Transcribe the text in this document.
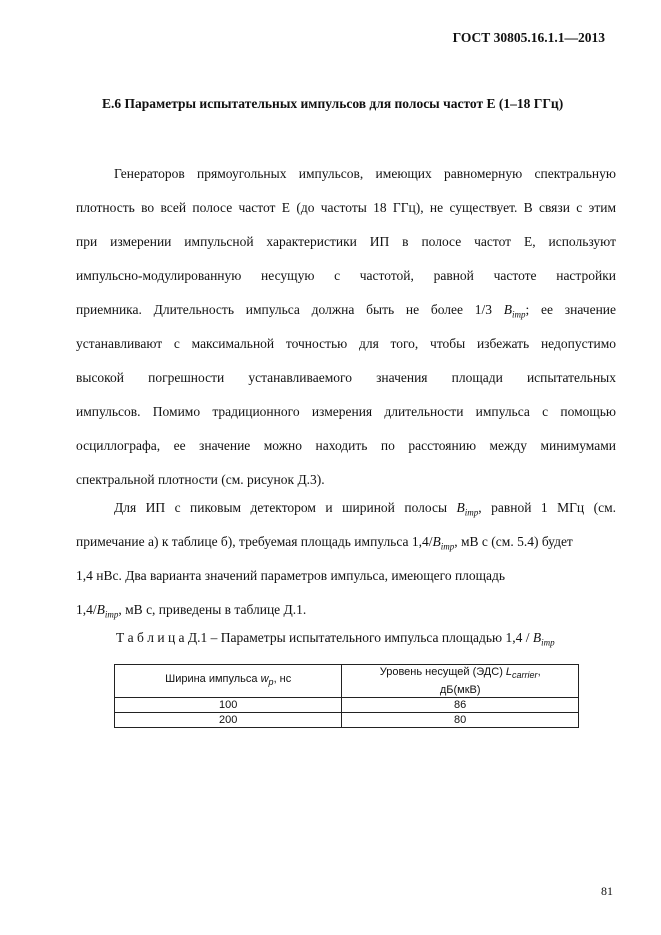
ГОСТ 30805.16.1.1—2013
Е.6 Параметры испытательных импульсов для полосы частот Е (1–18 ГГц)
Генераторов прямоугольных импульсов, имеющих равномерную спектральную
плотность во всей полосе частот Е (до частоты 18 ГГц), не существует. В связи с этим
при измерении импульсной характеристики ИП в полосе частот Е, используют
импульсно-модулированную несущую с частотой, равной частоте настройки
приемника. Длительность импульса должна быть не более 1/3 $B_{imp}$; ее значение
устанавливают с максимальной точностью для того, чтобы избежать недопустимо
высокой погрешности устанавливаемого значения площади испытательных
импульсов. Помимо традиционного измерения длительности импульса с помощью
осциллографа, ее значение можно находить по расстоянию между минимумами
спектральной плотности (см. рисунок Д.3).
Для ИП с пиковым детектором и шириной полосы $B_{imp}$, равной 1 МГц (см.
примечание а) к таблице б), требуемая площадь импульса $1,4/B_{imp}$, мВ с (см. 5.4) будет
1,4 нВс. Два варианта значений параметров импульса, имеющего площадь
$1,4/B_{imp}$, мВ с, приведены в таблице Д.1.
Т а б л и ц а Д.1 – Параметры испытательного импульса площадью $1,4 / B_{imp}$
Ширина импульса $w_p$, нс	Уровень несущей (ЭДС) $L_{carrier}$,
дБ(мкВ)
100	86
200	80
81
